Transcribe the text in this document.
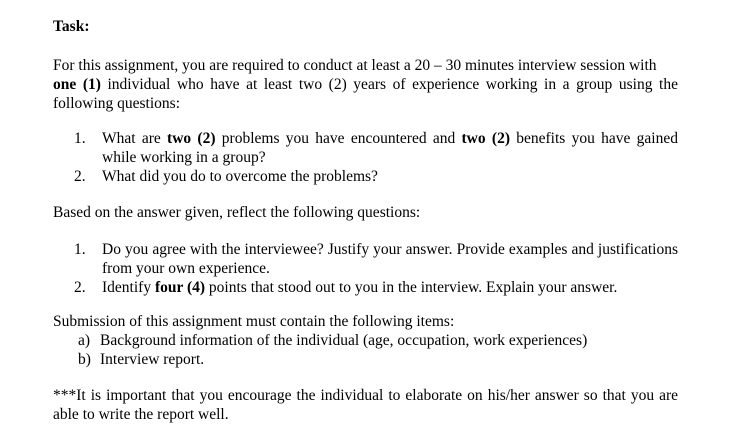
Task:

For this assignment, you are required to conduct at least a 20 – 30 minutes interview session with
one (1) individual who have at least two (2) years of experience working in a group using the following questions:

1. What are two (2) problems you have encountered and two (2) benefits you have gained while working in a group?
2. What did you do to overcome the problems?

Based on the answer given, reflect the following questions:

1. Do you agree with the interviewee? Justify your answer. Provide examples and justifications from your own experience.
2. Identify four (4) points that stood out to you in the interview. Explain your answer.

Submission of this assignment must contain the following items:

a) Background information of the individual (age, occupation, work experiences)
b) Interview report.

***It is important that you encourage the individual to elaborate on his/her answer so that you are able to write the report well.
